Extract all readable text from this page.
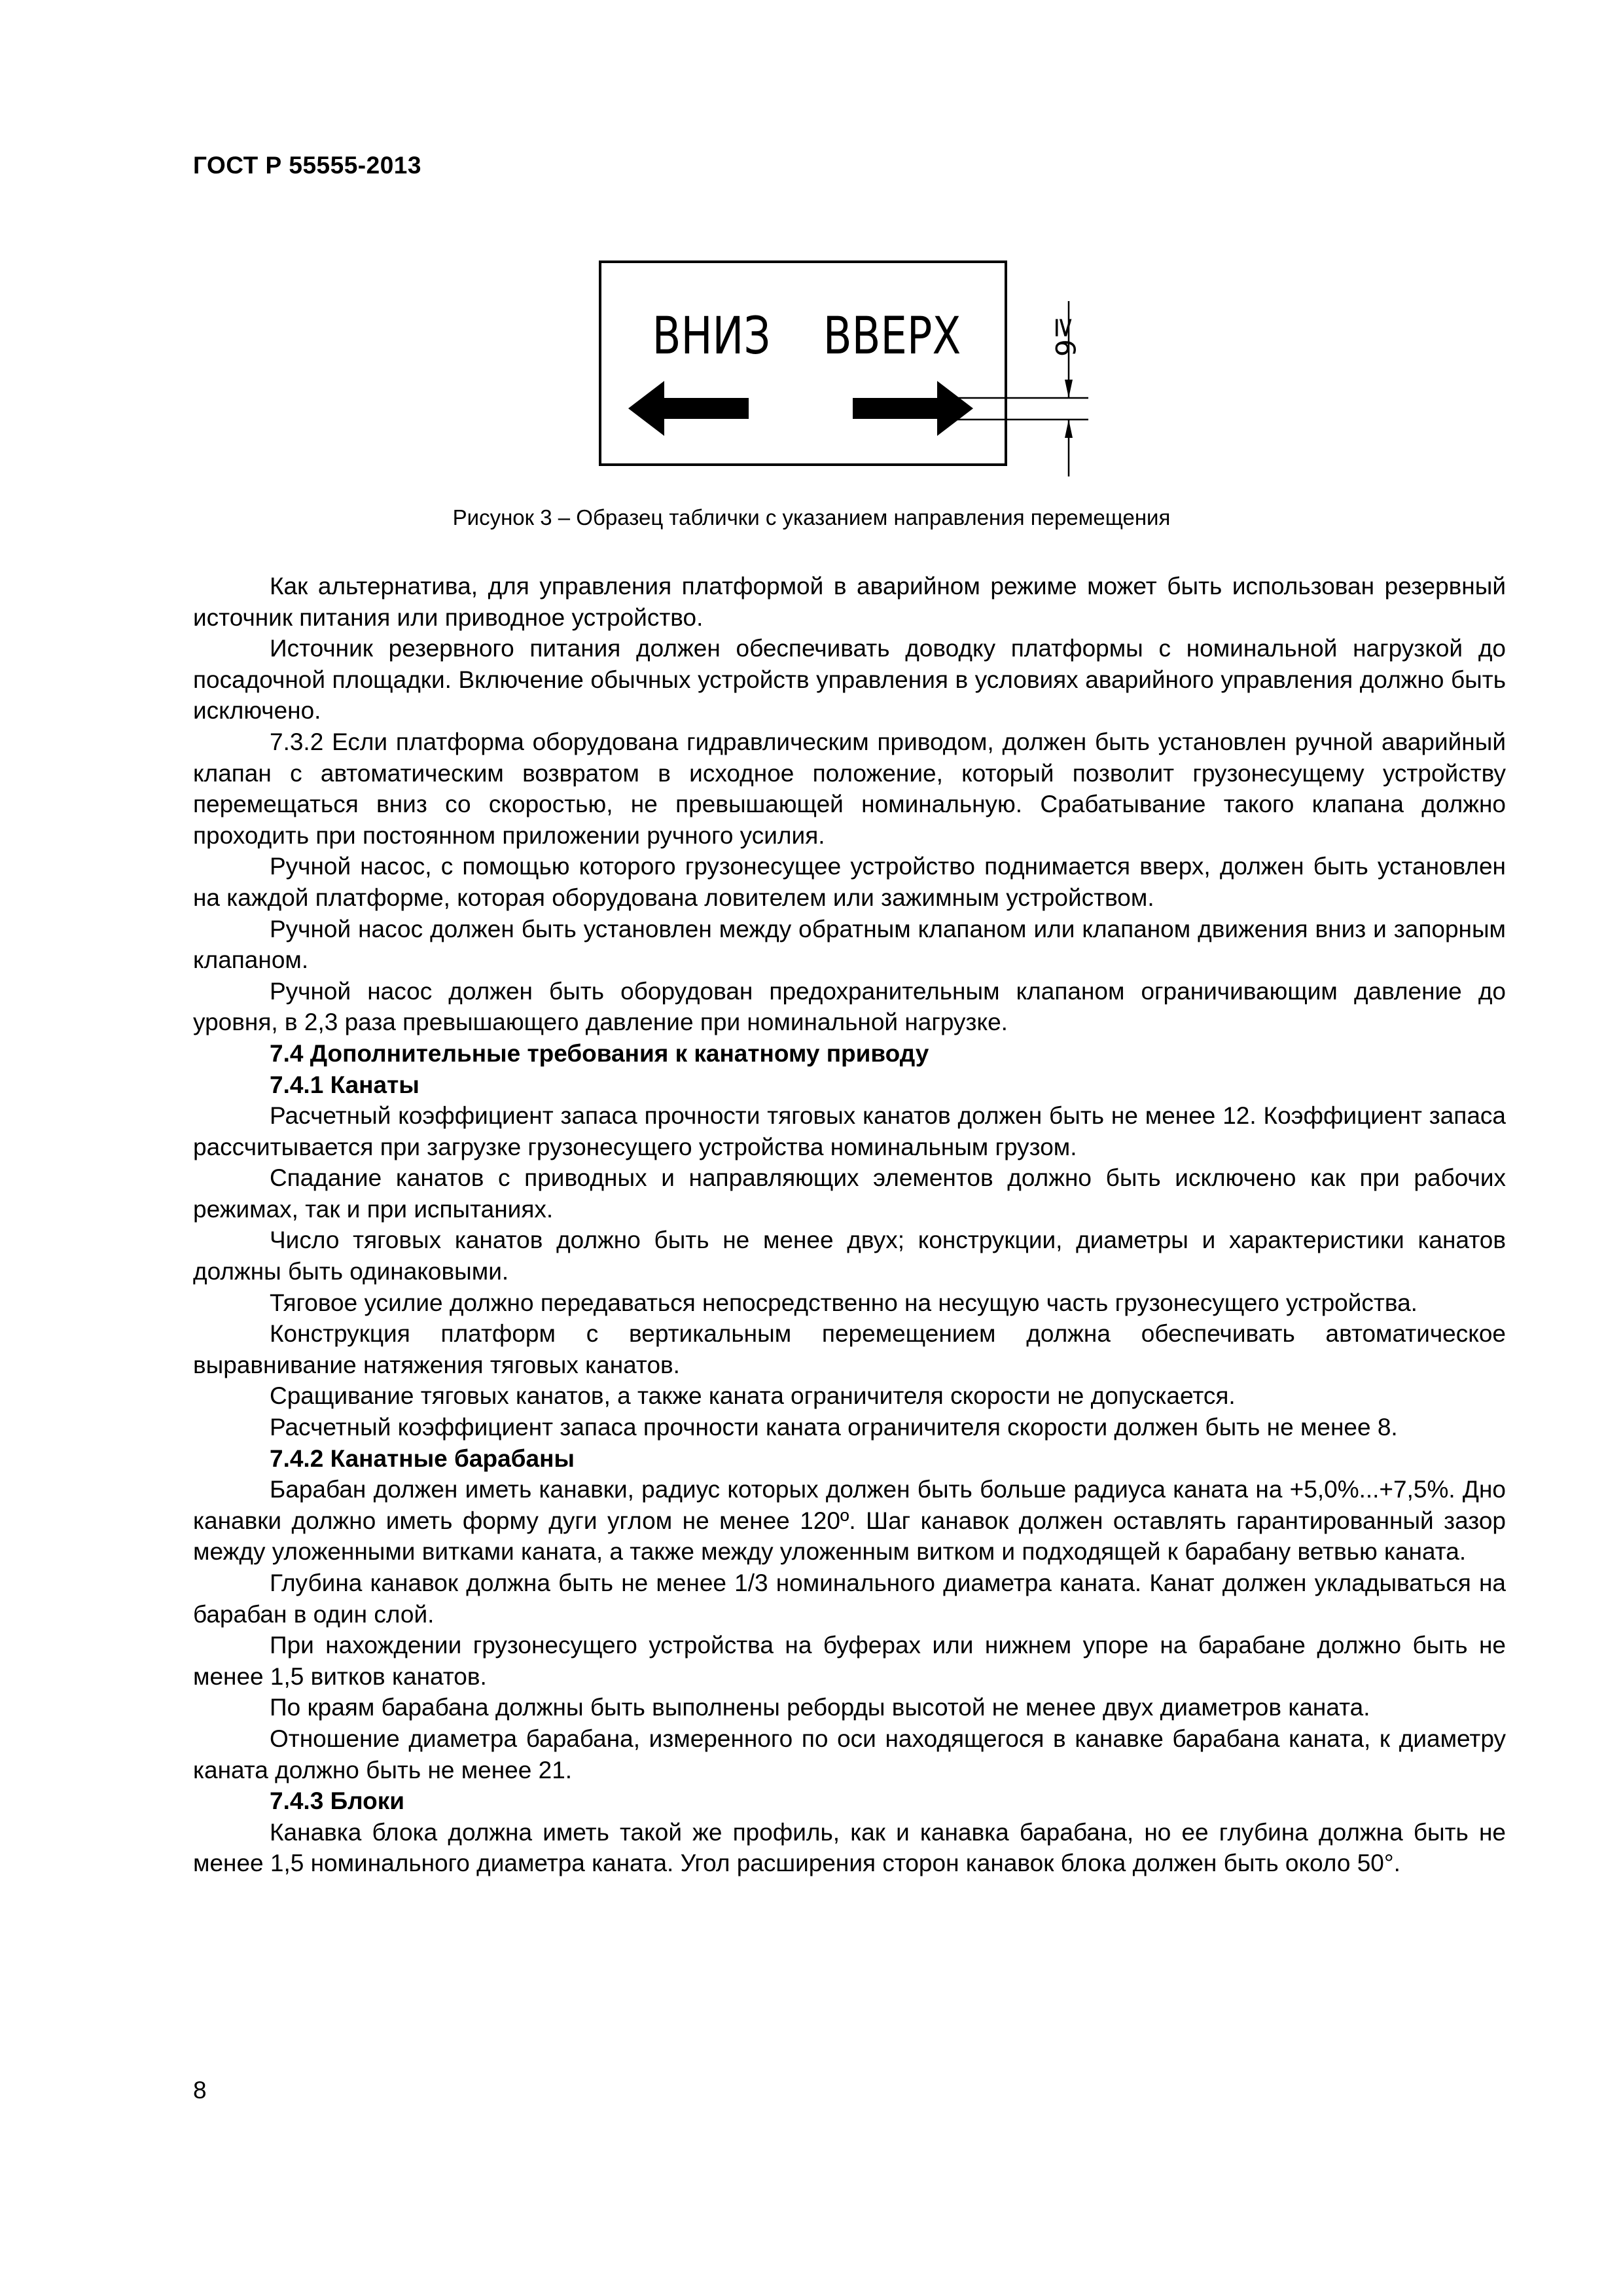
ГОСТ Р 55555-2013
ВНИЗ ВВЕРХ	≥6
Рисунок 3 – Образец таблички с указанием направления перемещения

Как альтернатива, для управления платформой в аварийном режиме может быть использован резервный источник питания или приводное устройство.

Источник резервного питания должен обеспечивать доводку платформы с номинальной нагрузкой до посадочной площадки. Включение обычных устройств управления в условиях аварийного управления должно быть исключено.

7.3.2 Если платформа оборудована гидравлическим приводом, должен быть установлен ручной аварийный клапан с автоматическим возвратом в исходное положение, который позволит грузонесущему устройству перемещаться вниз со скоростью, не превышающей номинальную. Срабатывание такого клапана должно проходить при постоянном приложении ручного усилия.

Ручной насос, с помощью которого грузонесущее устройство поднимается вверх, должен быть установлен на каждой платформе, которая оборудована ловителем или зажимным устройством.

Ручной насос должен быть установлен между обратным клапаном или клапаном движения вниз и запорным клапаном.

Ручной насос должен быть оборудован предохранительным клапаном ограничивающим давление до уровня, в 2,3 раза превышающего давление при номинальной нагрузке.

7.4 Дополнительные требования к канатному приводу

7.4.1 Канаты

Расчетный коэффициент запаса прочности тяговых канатов должен быть не менее 12. Коэффициент запаса рассчитывается при загрузке грузонесущего устройства номинальным грузом.

Спадание канатов с приводных и направляющих элементов должно быть исключено как при рабочих режимах, так и при испытаниях.

Число тяговых канатов должно быть не менее двух; конструкции, диаметры и характеристики канатов должны быть одинаковыми.

Тяговое усилие должно передаваться непосредственно на несущую часть грузонесущего устройства.

Конструкция платформ с вертикальным перемещением должна обеспечивать автоматическое выравнивание натяжения тяговых канатов.

Сращивание тяговых канатов, а также каната ограничителя скорости не допускается.

Расчетный коэффициент запаса прочности каната ограничителя скорости должен быть не менее 8.

7.4.2 Канатные барабаны

Барабан должен иметь канавки, радиус которых должен быть больше радиуса каната на +5,0%...+7,5%. Дно канавки должно иметь форму дуги углом не менее 120º. Шаг канавок должен оставлять гарантированный зазор между уложенными витками каната, а также между уложенным витком и подходящей к барабану ветвью каната.

Глубина канавок должна быть не менее 1/3 номинального диаметра каната. Канат должен укладываться на барабан в один слой.

При нахождении грузонесущего устройства на буферах или нижнем упоре на барабане должно быть не менее 1,5 витков канатов.

По краям барабана должны быть выполнены реборды высотой не менее двух диаметров каната.

Отношение диаметра барабана, измеренного по оси находящегося в канавке барабана каната, к диаметру каната должно быть не менее 21.

7.4.3 Блоки

Канавка блока должна иметь такой же профиль, как и канавка барабана, но ее глубина должна быть не менее 1,5 номинального диаметра каната. Угол расширения сторон канавок блока должен быть около 50°.

8
